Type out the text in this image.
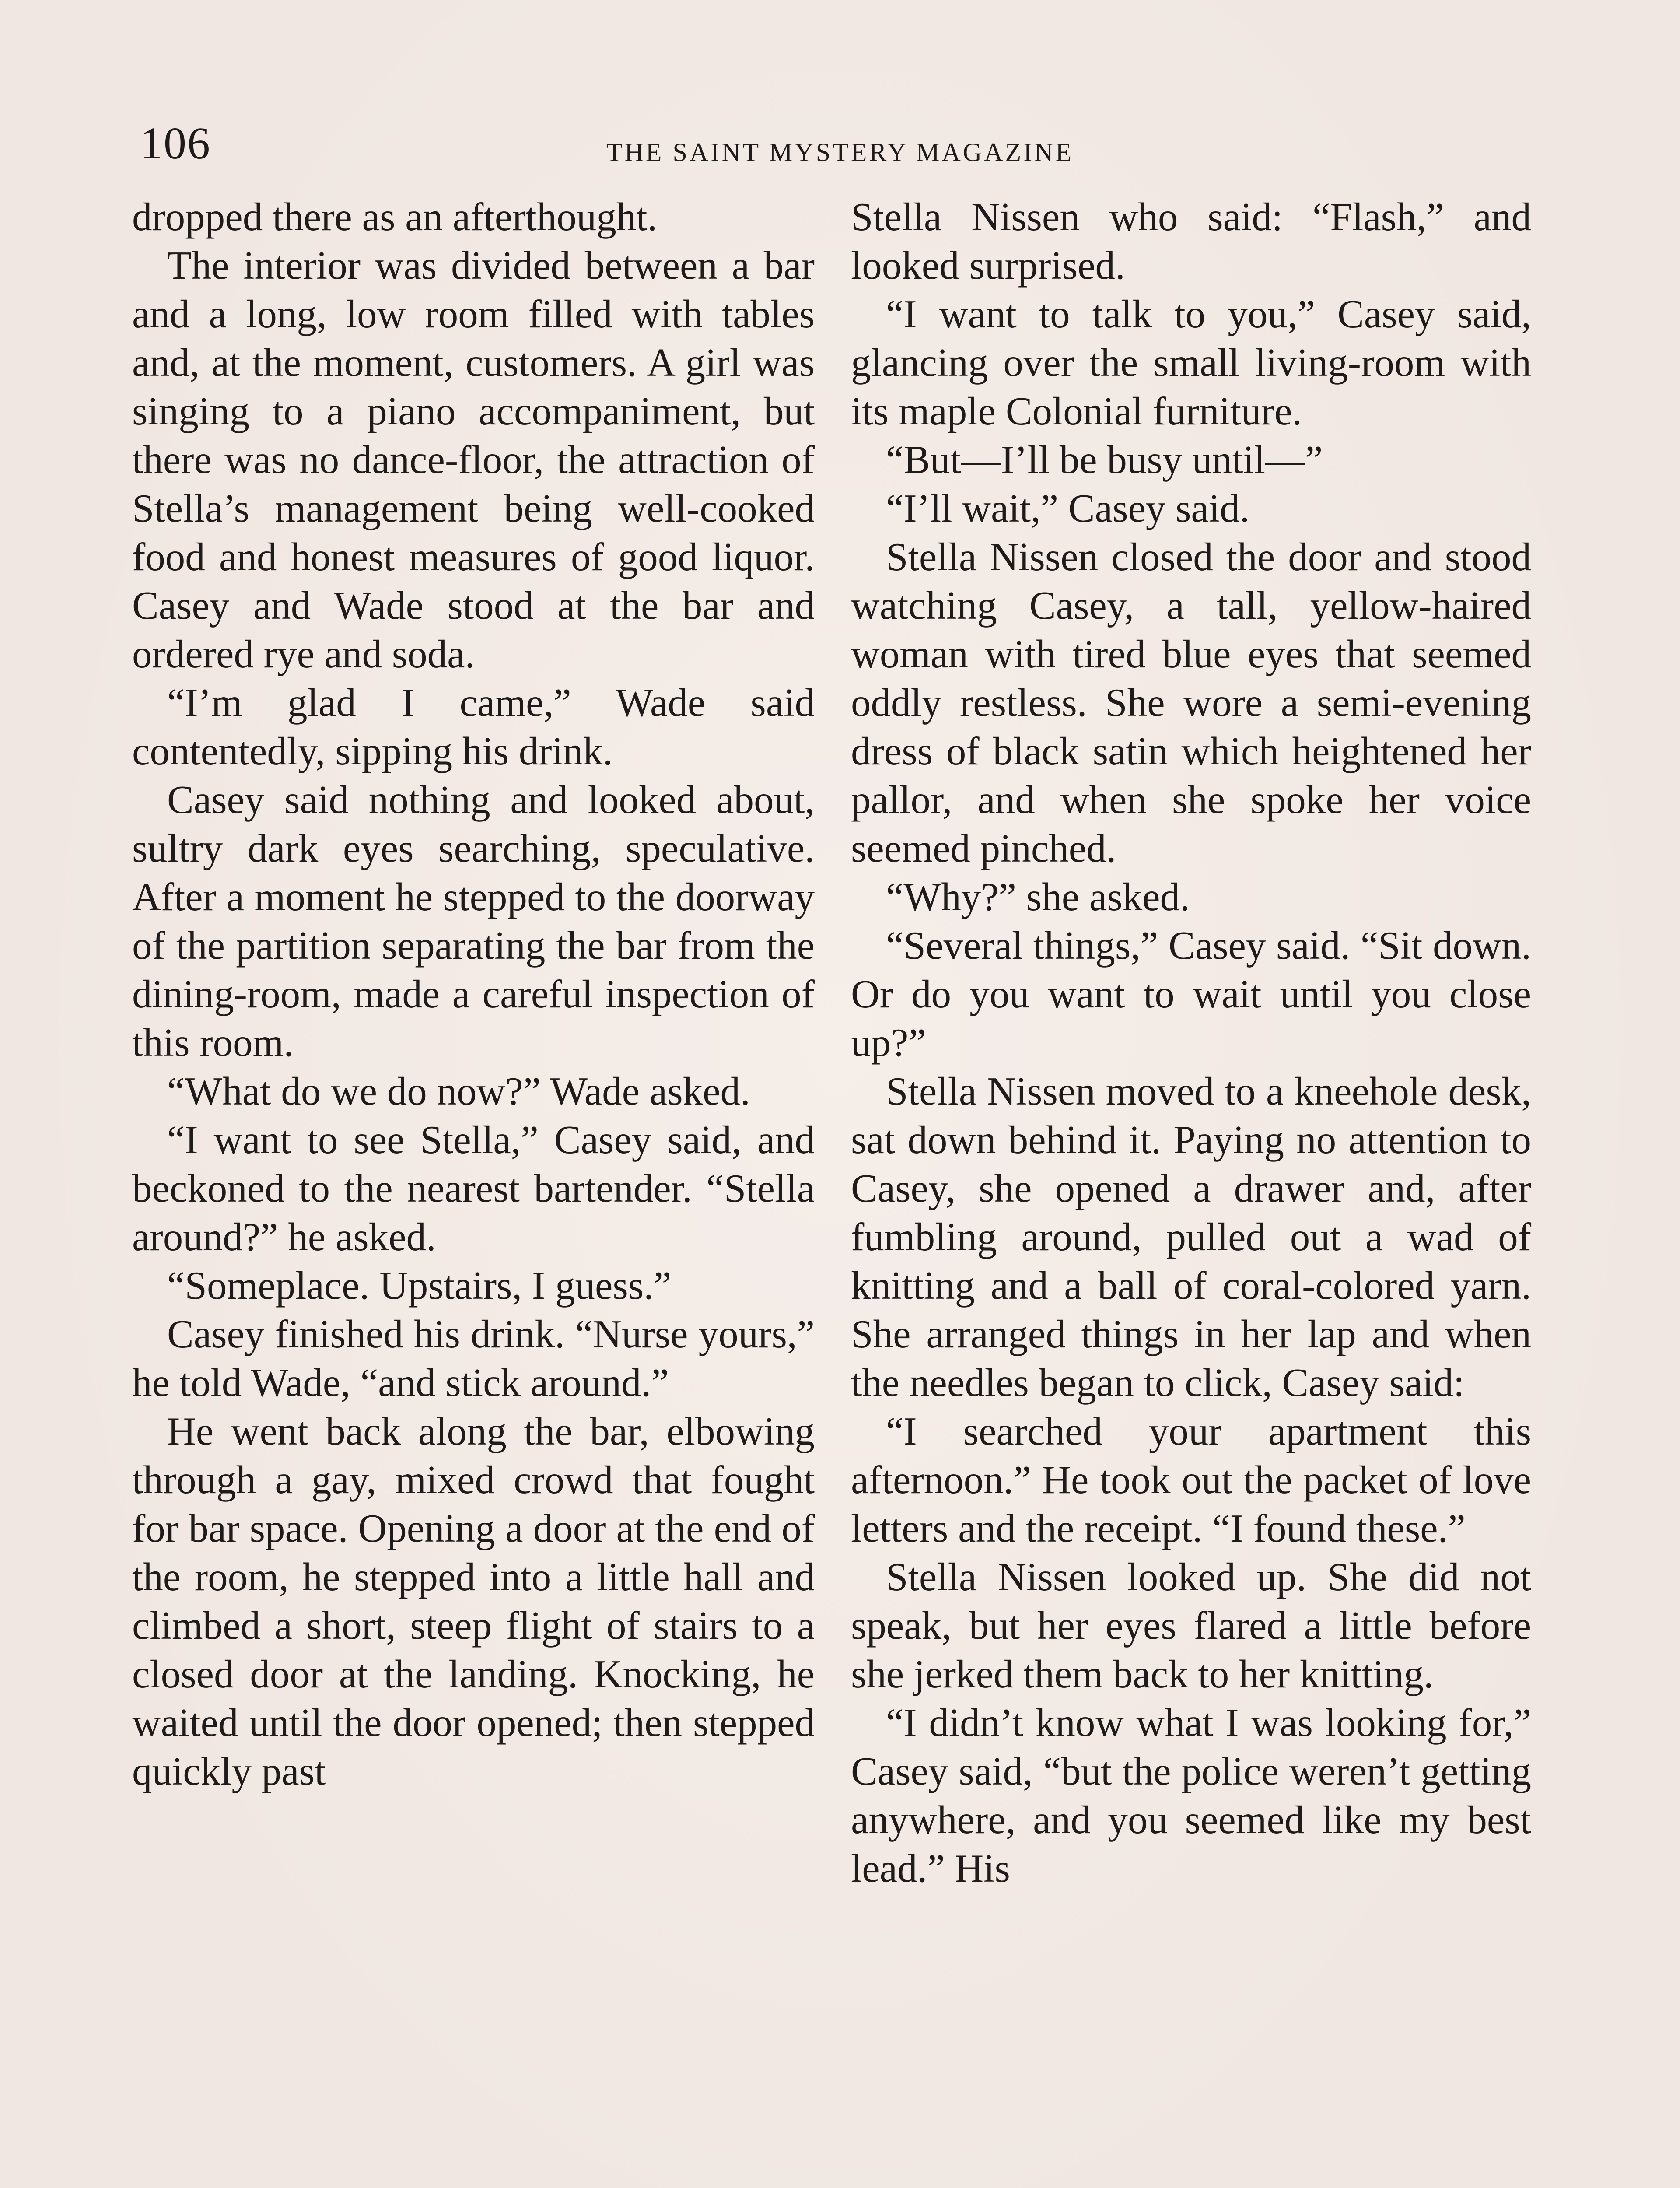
106	THE SAINT MYSTERY MAGAZINE

dropped there as an afterthought.

The interior was divided between a bar and a long, low room filled with tables and, at the moment, customers. A girl was singing to a piano accompaniment, but there was no dance-floor, the attraction of Stella’s management being well-cooked food and honest measures of good liquor. Casey and Wade stood at the bar and ordered rye and soda.

“I’m glad I came,” Wade said contentedly, sipping his drink.

Casey said nothing and looked about, sultry dark eyes searching, speculative. After a moment he stepped to the doorway of the partition separating the bar from the dining-room, made a careful inspection of this room.

“What do we do now?” Wade asked.

“I want to see Stella,” Casey said, and beckoned to the nearest bartender. “Stella around?” he asked.

“Someplace. Upstairs, I guess.”

Casey finished his drink. “Nurse yours,” he told Wade, “and stick around.”

He went back along the bar, elbowing through a gay, mixed crowd that fought for bar space. Opening a door at the end of the room, he stepped into a little hall and climbed a short, steep flight of stairs to a closed door at the landing. Knocking, he waited until the door opened; then stepped quickly past

Stella Nissen who said: “Flash,” and looked surprised.

“I want to talk to you,” Casey said, glancing over the small living-room with its maple Colonial furniture.

“But—I’ll be busy until—”

“I’ll wait,” Casey said.

Stella Nissen closed the door and stood watching Casey, a tall, yellow-haired woman with tired blue eyes that seemed oddly restless. She wore a semi-evening dress of black satin which heightened her pallor, and when she spoke her voice seemed pinched.

“Why?” she asked.

“Several things,” Casey said. “Sit down. Or do you want to wait until you close up?”

Stella Nissen moved to a kneehole desk, sat down behind it. Paying no attention to Casey, she opened a drawer and, after fumbling around, pulled out a wad of knitting and a ball of coral-colored yarn. She arranged things in her lap and when the needles began to click, Casey said:

“I searched your apartment this afternoon.” He took out the packet of love letters and the receipt. “I found these.”

Stella Nissen looked up. She did not speak, but her eyes flared a little before she jerked them back to her knitting.

“I didn’t know what I was looking for,” Casey said, “but the police weren’t getting anywhere, and you seemed like my best lead.” His
